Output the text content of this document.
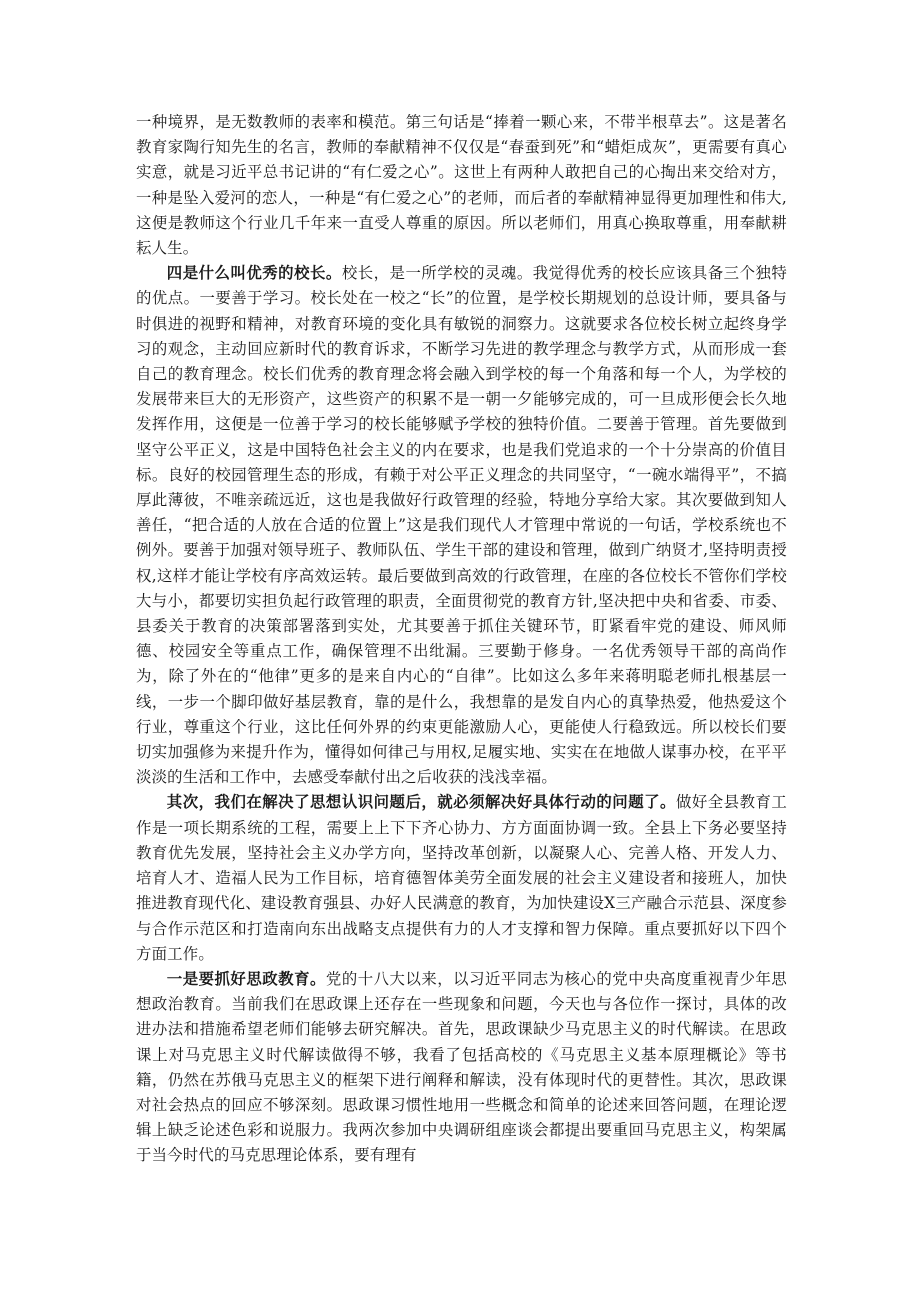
一种境界，是无数教师的表率和模范。第三句话是“捧着一颗心来，不带半根草去”。这是著名教育家陶行知先生的名言，教师的奉献精神不仅仅是“春蚕到死”和“蜡炬成灰”，更需要有真心实意，就是习近平总书记讲的“有仁爱之心”。这世上有两种人敢把自己的心掏出来交给对方，一种是坠入爱河的恋人，一种是“有仁爱之心”的老师，而后者的奉献精神显得更加理性和伟大,这便是教师这个行业几千年来一直受人尊重的原因。所以老师们，用真心换取尊重，用奉献耕耘人生。

四是什么叫优秀的校长。校长，是一所学校的灵魂。我觉得优秀的校长应该具备三个独特的优点。一要善于学习。校长处在一校之“长”的位置，是学校长期规划的总设计师，要具备与时俱进的视野和精神，对教育环境的变化具有敏锐的洞察力。这就要求各位校长树立起终身学习的观念，主动回应新时代的教育诉求，不断学习先进的教学理念与教学方式，从而形成一套自己的教育理念。校长们优秀的教育理念将会融入到学校的每一个角落和每一个人，为学校的发展带来巨大的无形资产，这些资产的积累不是一朝一夕能够完成的，可一旦成形便会长久地发挥作用，这便是一位善于学习的校长能够赋予学校的独特价值。二要善于管理。首先要做到坚守公平正义，这是中国特色社会主义的内在要求，也是我们党追求的一个十分崇高的价值目标。良好的校园管理生态的形成，有赖于对公平正义理念的共同坚守，“一碗水端得平”，不搞厚此薄彼，不唯亲疏远近，这也是我做好行政管理的经验，特地分享给大家。其次要做到知人善任，“把合适的人放在合适的位置上”这是我们现代人才管理中常说的一句话，学校系统也不例外。要善于加强对领导班子、教师队伍、学生干部的建设和管理，做到广纳贤才,坚持明责授权,这样才能让学校有序高效运转。最后要做到高效的行政管理，在座的各位校长不管你们学校大与小，都要切实担负起行政管理的职责，全面贯彻党的教育方针,坚决把中央和省委、市委、县委关于教育的决策部署落到实处，尤其要善于抓住关键环节，盯紧看牢党的建设、师风师德、校园安全等重点工作，确保管理不出纰漏。三要勤于修身。一名优秀领导干部的高尚作为，除了外在的“他律”更多的是来自内心的“自律”。比如这么多年来蒋明聪老师扎根基层一线，一步一个脚印做好基层教育，靠的是什么，我想靠的是发自内心的真挚热爱，他热爱这个行业，尊重这个行业，这比任何外界的约束更能激励人心，更能使人行稳致远。所以校长们要切实加强修为来提升作为，懂得如何律己与用权,足履实地、实实在在地做人谋事办校，在平平淡淡的生活和工作中，去感受奉献付出之后收获的浅浅幸福。

其次，我们在解决了思想认识问题后，就必须解决好具体行动的问题了。做好全县教育工作是一项长期系统的工程，需要上上下下齐心协力、方方面面协调一致。全县上下务必要坚持教育优先发展，坚持社会主义办学方向，坚持改革创新，以凝聚人心、完善人格、开发人力、培育人才、造福人民为工作目标，培育德智体美劳全面发展的社会主义建设者和接班人，加快推进教育现代化、建设教育强县、办好人民满意的教育，为加快建设X三产融合示范县、深度参与合作示范区和打造南向东出战略支点提供有力的人才支撑和智力保障。重点要抓好以下四个方面工作。

一是要抓好思政教育。党的十八大以来，以习近平同志为核心的党中央高度重视青少年思想政治教育。当前我们在思政课上还存在一些现象和问题，今天也与各位作一探讨，具体的改进办法和措施希望老师们能够去研究解决。首先，思政课缺少马克思主义的时代解读。在思政课上对马克思主义时代解读做得不够，我看了包括高校的《马克思主义基本原理概论》等书籍，仍然在苏俄马克思主义的框架下进行阐释和解读，没有体现时代的更替性。其次，思政课对社会热点的回应不够深刻。思政课习惯性地用一些概念和简单的论述来回答问题，在理论逻辑上缺乏论述色彩和说服力。我两次参加中央调研组座谈会都提出要重回马克思主义，构架属于当今时代的马克思理论体系，要有理有
